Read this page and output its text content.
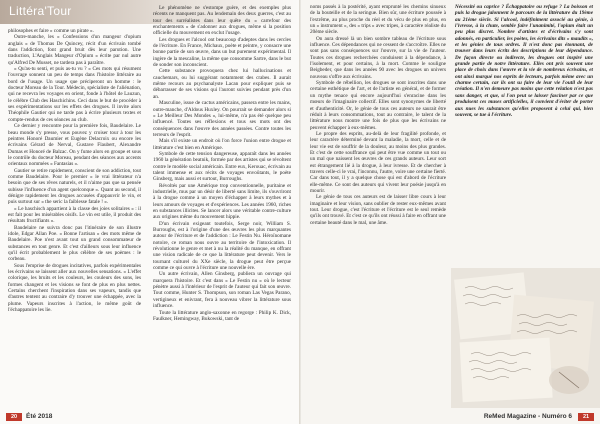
Littéra'Tour

philosophes et faire « comme un pirate ».

Outre-manche, les « Confessions d'un mangeur d'opium anglais » de Thomas De Quincey, récit d'un écrivain tombé dans l'addiction, font grand bruit dès leur parution. Une traduction, L'Anglais Mangeur d'Opium « écrite par nul autre qu'Alfred De Musset, ne tardera pas à paraître.

« Qu'as-tu senti, et puis as-tu vu ? » Ces mots qui résument l'ouvrage sonnent un peu de temps dans l'histoire littéraire au bord de l'usage. Un usage que préciperont un homme : le docteur Moreau de la Tour. Médecin, spécialiste de l'aliénation, qui ne recevra les voyages en orient, fonde à l'hôtel de Lauzun, le célèbre Club des Haschichins. Ceci dans le but de procéder à ses expérimentations sur les effets des drogues. Il invite alors Théophile Gautier qui ne tarde pas à écrire plusieurs textes et compte-rendus de ces séances au club.

Ce dernier y rencontre pour la première fois, Baudelaire. Le beau monde s'y presse, vous pouvez y croiser tour à tour les peintres Honoré Daumier et Eugène Delacroix ou encore les écrivains Gérard de Nerval, Gustave Flaubert, Alexandre Dumas et Honoré de Balzac. On y fume alors en groupe et sous le contrôle du docteur Moreau, pendant des séances aux accents orientaux nommées « Fantasias ».

Gautier se retire rapidement, conscient de son addiction, tout comme Baudelaire. Pour le premier « le vrai littérateur n'a besoin que de ses rêves naturels, et il n'aime pas que sa pensée subisse l'influence d'un agent quelconque ». Quant au second, il dénigre rapidement les drogues accusées d'appauvrir le vin, et puis surtout sur « the seric la faiblesse fatale ! ».

« Le haschisch appartient à la classe des joies solitaires » : il est fait pour les misérables oisifs. Le vin est utile, il produit des résultats fructifiants ».

Baudelaire ne suivra donc pas l'itinéraire de son illustre idole, Edgar Allan Poe. « Bonne l'artisan » des mots même de Baudelaire. Poe n'est avant tout un grand consommateur de substances en tout genre. Et c'est d'ailleurs sous leur influence qu'il écrit probablement le plus célèbre de ses poèmes : le corbeau.

Sous l'emprise de drogues incitatives, parfois expérimentales les écrivains se laissent aller aux nouvelles sensations. « L'effet colorique, les bruits et les couleurs, les couleurs des sons, les formes changent et les visions se font de plus en plus nettes. Certains cherchent l'inspiration dans ses vapeurs, tandis que d'autres tentent au contraire d'y trouver une échappée, avec la plume. Vapeurs inscrites à l'action, le même goût de l'échappatoire les lie.

Le phénomène ne s'estompe guère, et des exemples plus récents ne manquent pas. Au lendemain des deux guerres, c'est au tour des surréalistes dans leur quête du « carrefour des enchantements » de s'adonner aux drogues, même si la position officielle du mouvement en exclut l'usage.

Les drogues et l'alcool ont beaucoup d'adeptes dans les cercles de l'écriture. En France, Michaux, poète et peintre, y consacre une bonne partie de son œuvre, dans un but purement expérimental. Il ingère de la mescaline, la même que consomme Sartre, dans le but de sonder son inconscient.

Cette substance provoquera chez lui hallucinations et cauchemars, ou lui suggérant notamment des crabes. Il aurait même recours au psychanalyste Lacan pour expliquer puis se débarrasser de ses visions qui l'auront suivies pendant près d'un an.

Masculine, issue de cactus américains, passera entre les mains, outre-manche, d'Aldous Huxley. On pourrait se demander alors si « Le Meilleur Des Mondes », lui-même, n'a pas été quelque peu influencé. Toutes ses réflexions et tous ses mots ont des conséquences dans l'œuvre des années passées. Contre toutes les terreurs de l'esprit.

Mais s'il existe un endroit où l'on force l'union entre drogue et littérature c'est bien en Amérique.

Symbole de cette tension dangereuse, apparaît dans les années 1960 la génération beatnik, formée par des artistes qui se révoltent contre le modèle social américain. Entre eux, Kerouac, écrivain au talent immense et aux récits de voyages envoûtants, le poète Ginsberg, mais aussi et surtout, Burroughs.

Révoltés par une Amérique trop conventionnelle, puritaine et industrielle, mus par un désir de liberté sans limite, ils s'ouvriront à la drogue comme à un moyen d'échapper à leurs mythes et à leurs amours de voyages et d'expériences. Les années 1960, riches en substances illicites. Se lancer alors une véritable contre-culture aux origines même du mouvement hippie.

D'un écrivain exigeant toutefois, Serge noir, William S. Burroughs, est à l'origine d'une des œuvres les plus marquantes autour de l'écriture et de l'addiction : Le Festin Nu. Héroïnomane notoire, ce roman nous ouvre au territoire de l'intoxication. Il révolutionne le genre et met à nu la réalité du manque, en offrant une vision radicale de ce que la littérature peut devenir. Vers le tournant culturel du XXe siècle, la drogue peut être perçue comme ce qui ouvre à l'écriture une nouvelle ère.

Un autre écrivain, Allen Ginsberg, publiera un ouvrage qui marquera l'histoire. Et c'est dans « Le Festin nu » où le lecteur pénètre aussi à l'intérieur de l'esprit de l'auteur qui fait son œuvre. Tout comme, Hunter S. Thompson, son roman Las Vegas Parano, vertigineux et enivrant, fera à nouveau vibrer la littérature sous influence.

Toute la littérature anglo-saxonne en regorge : Philip K. Dick, Faulkner, Hemingway, Bukowski, tant de

noms passés à la postérité, ayant emprunté les chemins sinueux de la bouteille et de la seringue. Bien sûr, une écriture poussée à l'extrême, au plus proche du réel et du vécu de plus en plus, en un « instrument », des « trips » avec tripes, à caractère réaliste du 20ème siècle.

On aura dressé là un bien sombre tableau de l'écriture sous influence. Ces dépendances qui ne cessent de s'accroître. Elles ne sont pas sans conséquences sur l'œuvre, sur la vie de l'auteur. Toutes ces drogues recherchées conduisent à la dépendance, à l'isolement, et pour certains, à la mort. Comme le souligne Beigbeder, que dans les années 90 avec les drogues un univers nouveau s'offre aux écrivains.

Symbole de rébellion, les drogues se sont inscrites dans une certaine esthétique de l'art, et de l'artiste en général, et de former un mythe tenace qui encore aujourd'hui s'enracine dans les mœurs de l'imaginaire collectif. Elles sont synonymes de liberté et d'authenticité. Or, le génie de tous ces auteurs ne saurait être réduit à leurs consommations, tout au contraire, le talent de la littérature nous montre une fois de plus que les écrivains ne peuvent échapper à eux-mêmes.

Le propre des esprits, au-delà de leur fragilité profonde, et leur caractère déterminé devant la maladie, la mort, celle et de leur vie est de souffrir de la douleur, au moins des plus grandes. Et c'est de cette souffrance qui peut être vue comme un tout ou un mal que naissent les œuvres de ces grands auteurs. Leur sort est étrangement lié à la drogue, à leur ivresse. Et de chercher à travers celle-ci le vrai, l'inconnu, l'autre, voire une certaine fierté. Car dans tout, il y a quelque chose qui est d'abord de l'écriture elle-même. Ce sont des auteurs qui vivent leur poésie jusqu'à en mourir.

Le génie de tous ces auteurs est de laisser libre cours à leur imaginaire et leur vision, sans oublier de rester eux-mêmes avant tout. Leur drogue, c'est l'écriture et l'écriture est le seul remède qu'ils ont trouvé. Et c'est ce qu'ils ont réussi à faire en offrant une certaine beauté dans le mal, une âme.

Nécessité ou caprice ? Échappatoire ou refuge ? La boisson et puis la drogue jalonnent le parcours de la littérature du 19ème au 21ème siècle. Si l'alcool, indéfiniment associé au génie, à l'ivresse, à la chute, semble faire l'unanimité, l'opium était un peu plus discret. Nombre d'artistes et d'écrivains s'y sont adonnés, en particulier, les poètes, les écrivains dits « maudits », et les génies de tous ordres. Il n'est donc pas étonnant, de trouver dans leurs écrits des descriptions de leur dépendance. De façon directe ou indirecte, les drogues ont inspiré une grande partie de notre littérature. Elles ont pris souvent une place de choix dans l'œuvre et la vie de nombreux écrivains, et ont ainsi marqué nos esprits de lecteurs, parfois même avec un charme certain, car ils ont su faire de leur vie l'outil de leur création. Il n'en demeure pas moins que cette relation n'est pas sans danger, et que, si l'on peut se laisser fasciner par ce que produisent ces muses artificielles, il convient d'éviter de porter aux nues les substances qu'elles proposent à celui qui, bien souvent, se tue à l'écriture.

20	Été 2018	ReMed Magazine - Numéro 6	21
